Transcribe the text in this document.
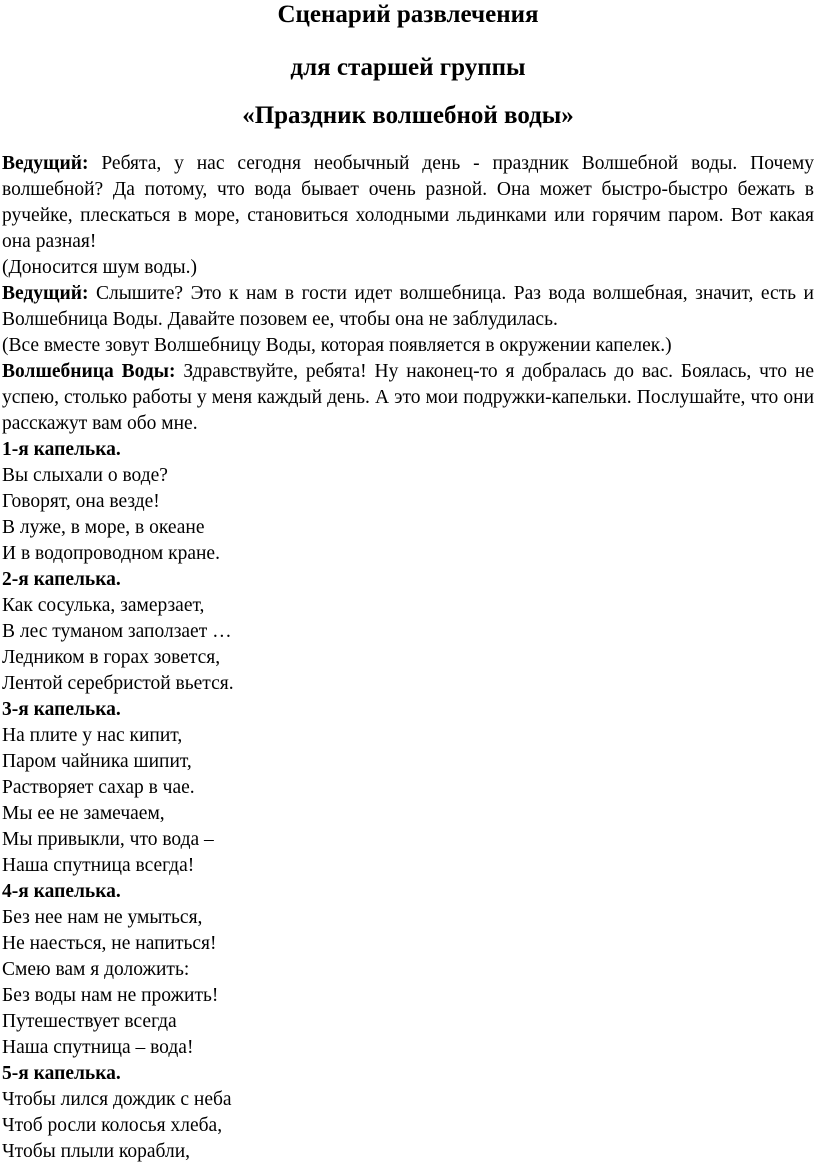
Сценарий развлечения

для старшей группы

«Праздник волшебной воды»

Ведущий: Ребята, у нас сегодня необычный день - праздник Волшебной воды. Почему волшебной? Да потому, что вода бывает очень разной. Она может быстро-быстро бежать в ручейке, плескаться в море, становиться холодными льдинками или горячим паром. Вот какая она разная!

(Доносится шум воды.)

Ведущий: Слышите? Это к нам в гости идет волшебница. Раз вода волшебная, значит, есть и Волшебница Воды. Давайте позовем ее, чтобы она не заблудилась.

(Все вместе зовут Волшебницу Воды, которая появляется в окружении капелек.)

Волшебница Воды: Здравствуйте, ребята! Ну наконец-то я добралась до вас. Боялась, что не успею, столько работы у меня каждый день. А это мои подружки-капельки. Послушайте, что они расскажут вам обо мне.

1-я капелька.

Вы слыхали о воде?

Говорят, она везде!

В луже, в море, в океане

И в водопроводном кране.

2-я капелька.

Как сосулька, замерзает,

В лес туманом заползает …

Ледником в горах зовется,

Лентой серебристой вьется.

3-я капелька.

На плите у нас кипит,

Паром чайника шипит,

Растворяет сахар в чае.

Мы ее не замечаем,

Мы привыкли, что вода –

Наша спутница всегда!

4-я капелька.

Без нее нам не умыться,

Не наесться, не напиться!

Смею вам я доложить:

Без воды нам не прожить!

Путешествует всегда

Наша спутница – вода!

5-я капелька.

Чтобы лился дождик с неба

Чтоб росли колосья хлеба,

Чтобы плыли корабли,
